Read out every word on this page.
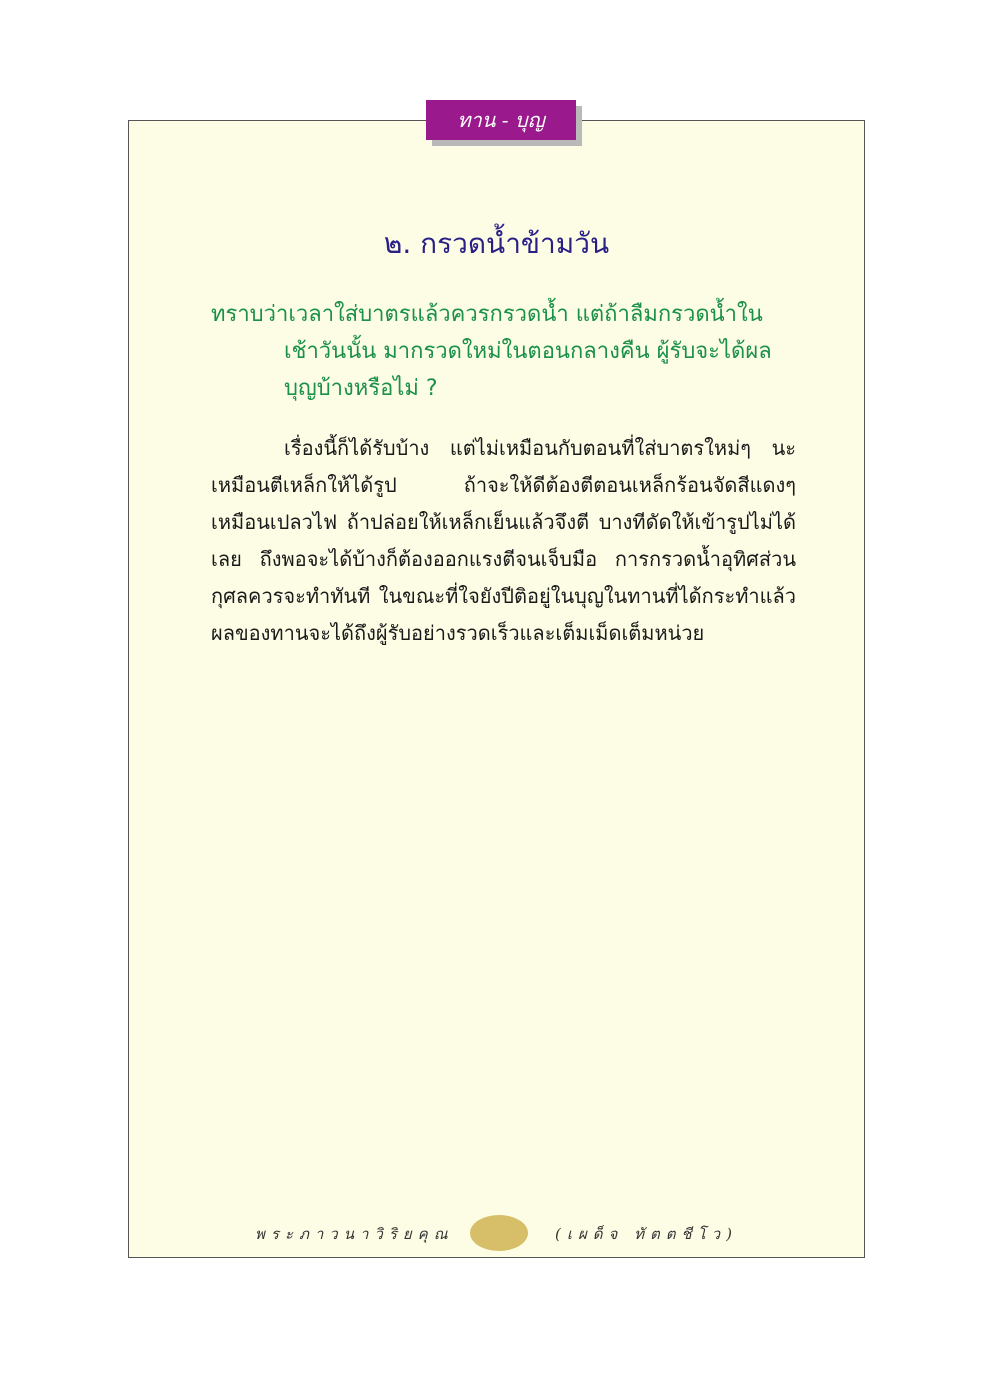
ทาน - บุญ
๒. กรวดน้ำข้ามวัน
ทราบว่าเวลาใส่บาตรแล้วควรกรวดน้ำ แต่ถ้าลืมกรวดน้ำในเช้าวันนั้น มากรวดใหม่ในตอนกลางคืน ผู้รับจะได้ผลบุญบ้างหรือไม่ ?
เรื่องนี้ก็ได้รับบ้าง แต่ไม่เหมือนกับตอนที่ใส่บาตรใหม่ๆ นะ เหมือนตีเหล็กให้ได้รูป ถ้าจะให้ดีต้องตีตอนเหล็กร้อนจัดสีแดงๆ เหมือนเปลวไฟ ถ้าปล่อยให้เหล็กเย็นแล้วจึงตี บางทีดัดให้เข้ารูปไม่ได้เลย ถึงพอจะได้บ้างก็ต้องออกแรงตีจนเจ็บมือ การกรวดน้ำอุทิศส่วนกุศลควรจะทำทันที ในขณะที่ใจยังปีติอยู่ในบุญในทานที่ได้กระทำแล้ว ผลของทานจะได้ถึงผู้รับอย่างรวดเร็วและเต็มเม็ดเต็มหน่วย
พระภาวนาวิริยคุณ	(เผด็จ ทัตตชีโว)
